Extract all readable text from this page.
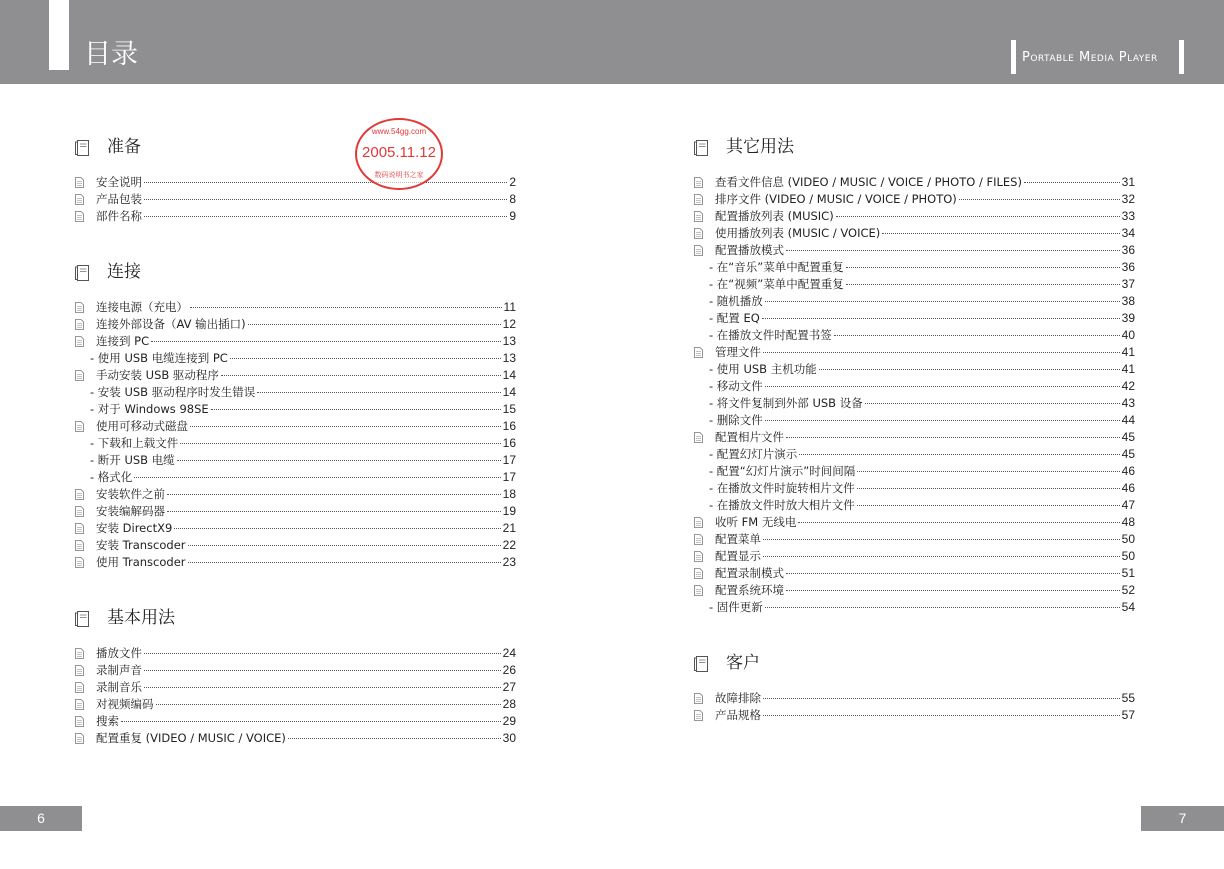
目录	Portable Media Player
准备
安全说明	2
产品包装	8
部件名称	9
连接
连接电源（充电）	11
连接外部设备（AV 输出插口)	12
连接到 PC	13
- 使用 USB 电缆连接到 PC	13
手动安装 USB 驱动程序	14
- 安装 USB 驱动程序时发生错误	14
- 对于 Windows 98SE	15
使用可移动式磁盘	16
- 下载和上载文件	16
- 断开 USB 电缆	17
- 格式化	17
安装软件之前	18
安装编解码器	19
安装 DirectX9	21
安装 Transcoder	22
使用 Transcoder	23
基本用法
播放文件	24
录制声音	26
录制音乐	27
对视频编码	28
搜索	29
配置重复 (VIDEO / MUSIC / VOICE)	30
其它用法
查看文件信息 (VIDEO / MUSIC / VOICE / PHOTO / FILES)	31
排序文件 (VIDEO / MUSIC / VOICE / PHOTO)	32
配置播放列表 (MUSIC)	33
使用播放列表 (MUSIC / VOICE)	34
配置播放模式	36
- 在“音乐”菜单中配置重复	36
- 在“视频”菜单中配置重复	37
- 随机播放	38
- 配置 EQ	39
- 在播放文件时配置书签	40
管理文件	41
- 使用 USB 主机功能	41
- 移动文件	42
- 将文件复制到外部 USB 设备	43
- 删除文件	44
配置相片文件	45
- 配置幻灯片演示	45
- 配置“幻灯片演示”时间间隔	46
- 在播放文件时旋转相片文件	46
- 在播放文件时放大相片文件	47
收听 FM 无线电	48
配置菜单	50
配置显示	50
配置录制模式	51
配置系统环境	52
- 固件更新	54
客户
故障排除	55
产品规格	57
www.54gg.com
2005.11.12
数码说明书之家
6	7
